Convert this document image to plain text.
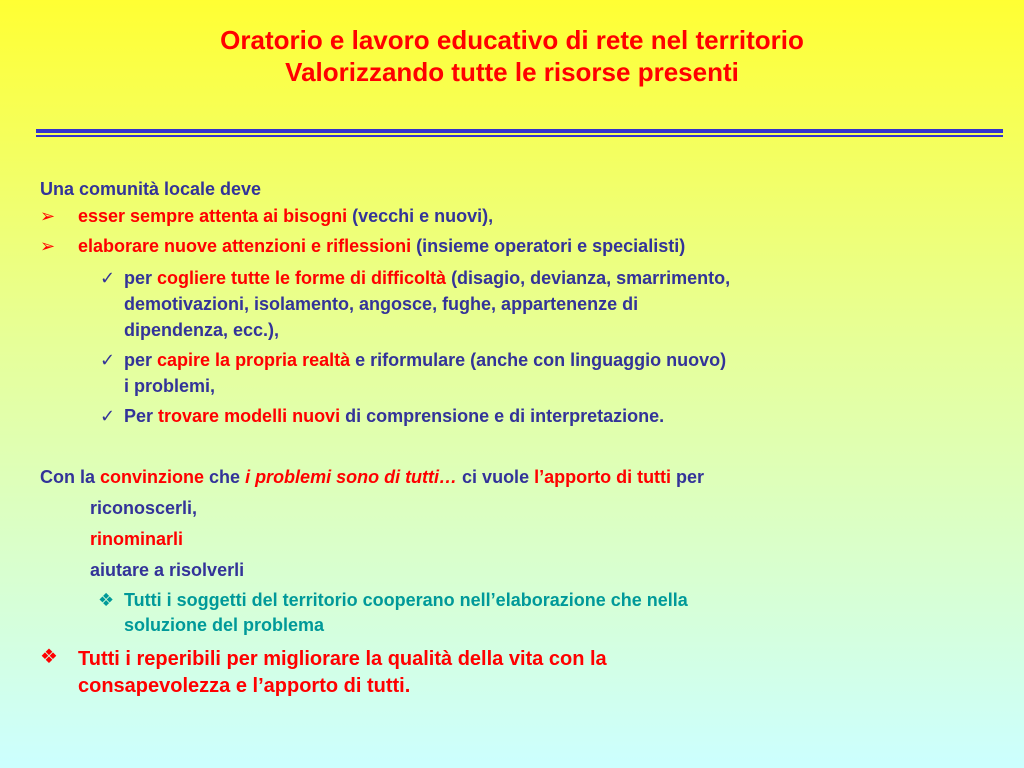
Oratorio e lavoro educativo di rete nel territorio
Valorizzando tutte le risorse presenti
Una comunità locale deve
➢ esser sempre attenta ai bisogni (vecchi e nuovi),
➢ elaborare nuove attenzioni e riflessioni (insieme operatori e specialisti)
✓ per cogliere tutte le forme di difficoltà (disagio, devianza, smarrimento,
demotivazioni, isolamento, angosce, fughe, appartenenze di
dipendenza, ecc.),
✓ per capire la propria realtà e riformulare (anche con linguaggio nuovo)
i problemi,
✓ Per trovare modelli nuovi di comprensione e di interpretazione.
Con la convinzione che i problemi sono di tutti… ci vuole l’apporto di tutti per
riconoscerli,
rinominarli
aiutare a risolverli
❖ Tutti i soggetti del territorio cooperano nell’elaborazione che nella
soluzione del problema
❖ Tutti i reperibili per migliorare la qualità della vita con la
consapevolezza e l’apporto di tutti.
